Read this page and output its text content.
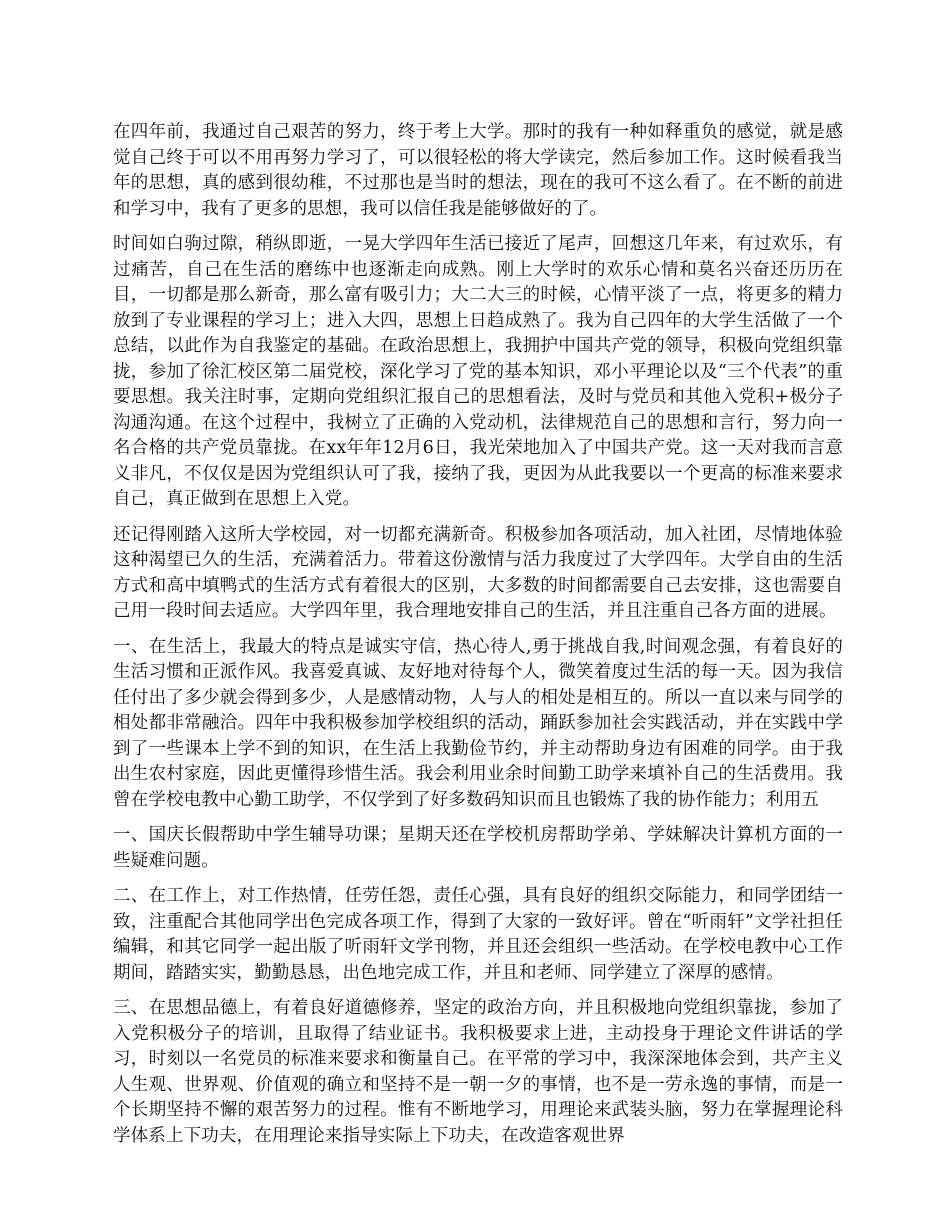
在四年前，我通过自己艰苦的努力，终于考上大学。那时的我有一种如释重负的感觉，就是感觉自己终于可以不用再努力学习了，可以很轻松的将大学读完，然后参加工作。这时候看我当年的思想，真的感到很幼稚，不过那也是当时的想法，现在的我可不这么看了。在不断的前进和学习中，我有了更多的思想，我可以信任我是能够做好的了。

时间如白驹过隙，稍纵即逝，一晃大学四年生活已接近了尾声，回想这几年来，有过欢乐，有过痛苦，自己在生活的磨练中也逐渐走向成熟。刚上大学时的欢乐心情和莫名兴奋还历历在目，一切都是那么新奇，那么富有吸引力；大二大三的时候，心情平淡了一点，将更多的精力放到了专业课程的学习上；进入大四，思想上日趋成熟了。我为自己四年的大学生活做了一个总结，以此作为自我鉴定的基础。在政治思想上，我拥护中国共产党的领导，积极向党组织靠拢，参加了徐汇校区第二届党校，深化学习了党的基本知识，邓小平理论以及“三个代表”的重要思想。我关注时事，定期向党组织汇报自己的思想看法，及时与党员和其他入党积+极分子沟通沟通。在这个过程中，我树立了正确的入党动机，法律规范自己的思想和言行，努力向一名合格的共产党员靠拢。在xx年年12月6日，我光荣地加入了中国共产党。这一天对我而言意义非凡，不仅仅是因为党组织认可了我，接纳了我，更因为从此我要以一个更高的标准来要求自己，真正做到在思想上入党。

还记得刚踏入这所大学校园，对一切都充满新奇。积极参加各项活动，加入社团，尽情地体验这种渴望已久的生活，充满着活力。带着这份激情与活力我度过了大学四年。大学自由的生活方式和高中填鸭式的生活方式有着很大的区别，大多数的时间都需要自己去安排，这也需要自己用一段时间去适应。大学四年里，我合理地安排自己的生活，并且注重自己各方面的进展。

一、在生活上，我最大的特点是诚实守信，热心待人,勇于挑战自我,时间观念强，有着良好的生活习惯和正派作风。我喜爱真诚、友好地对待每个人，微笑着度过生活的每一天。因为我信任付出了多少就会得到多少，人是感情动物，人与人的相处是相互的。所以一直以来与同学的相处都非常融洽。四年中我积极参加学校组织的活动，踊跃参加社会实践活动，并在实践中学到了一些课本上学不到的知识，在生活上我勤俭节约，并主动帮助身边有困难的同学。由于我出生农村家庭，因此更懂得珍惜生活。我会利用业余时间勤工助学来填补自己的生活费用。我曾在学校电教中心勤工助学，不仅学到了好多数码知识而且也锻炼了我的协作能力；利用五

一、国庆长假帮助中学生辅导功课；星期天还在学校机房帮助学弟、学妹解决计算机方面的一些疑难问题。

二、在工作上，对工作热情，任劳任怨，责任心强，具有良好的组织交际能力，和同学团结一致，注重配合其他同学出色完成各项工作，得到了大家的一致好评。曾在“听雨轩”文学社担任编辑，和其它同学一起出版了听雨轩文学刊物，并且还会组织一些活动。在学校电教中心工作期间，踏踏实实，勤勤恳恳，出色地完成工作，并且和老师、同学建立了深厚的感情。

三、在思想品德上，有着良好道德修养，坚定的政治方向，并且积极地向党组织靠拢，参加了入党积极分子的培训，且取得了结业证书。我积极要求上进，主动投身于理论文件讲话的学习，时刻以一名党员的标准来要求和衡量自己。在平常的学习中，我深深地体会到，共产主义人生观、世界观、价值观的确立和坚持不是一朝一夕的事情，也不是一劳永逸的事情，而是一个长期坚持不懈的艰苦努力的过程。惟有不断地学习，用理论来武装头脑，努力在掌握理论科学体系上下功夫，在用理论来指导实际上下功夫，在改造客观世界
